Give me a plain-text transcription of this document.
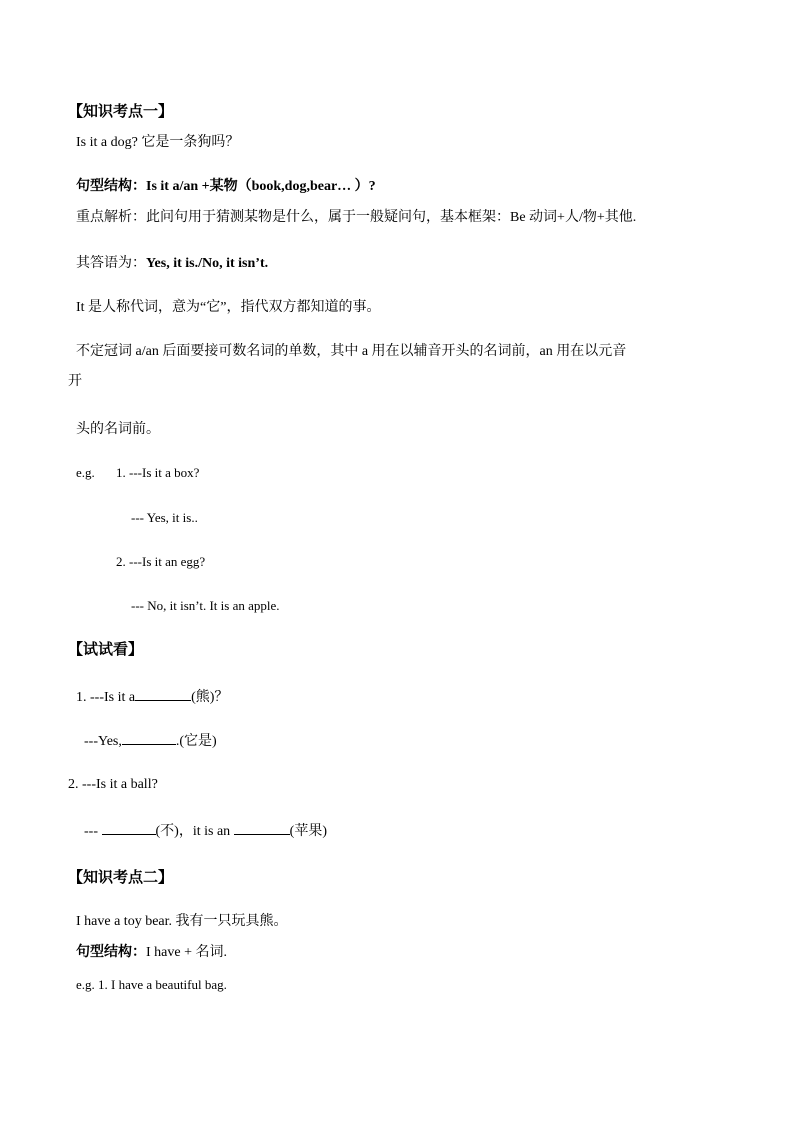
【知识考点一】
Is it a dog? 它是一条狗吗？
句型结构：Is it a/an +某物（book,dog,bear… ）?
重点解析：此问句用于猜测某物是什么，属于一般疑问句，基本框架：Be 动词+人/物+其他.
其答语为：Yes, it is./No, it isn’t.
It 是人称代词，意为“它”，指代双方都知道的事。
不定冠词 a/an 后面要接可数名词的单数，其中 a 用在以辅音开头的名词前，an 用在以元音
开
头的名词前。
e.g. 1. ---Is it a box?
--- Yes, it is..
2. ---Is it an egg?
--- No, it isn’t. It is an apple.
【试试看】
1. ---Is it a	(熊)？
---Yes,	.(它是)
2. ---Is it a ball?
---	(不)，it is an	(苹果)
【知识考点二】
I have a toy bear. 我有一只玩具熊。
句型结构：I have + 名词.
e.g. 1. I have a beautiful bag.
